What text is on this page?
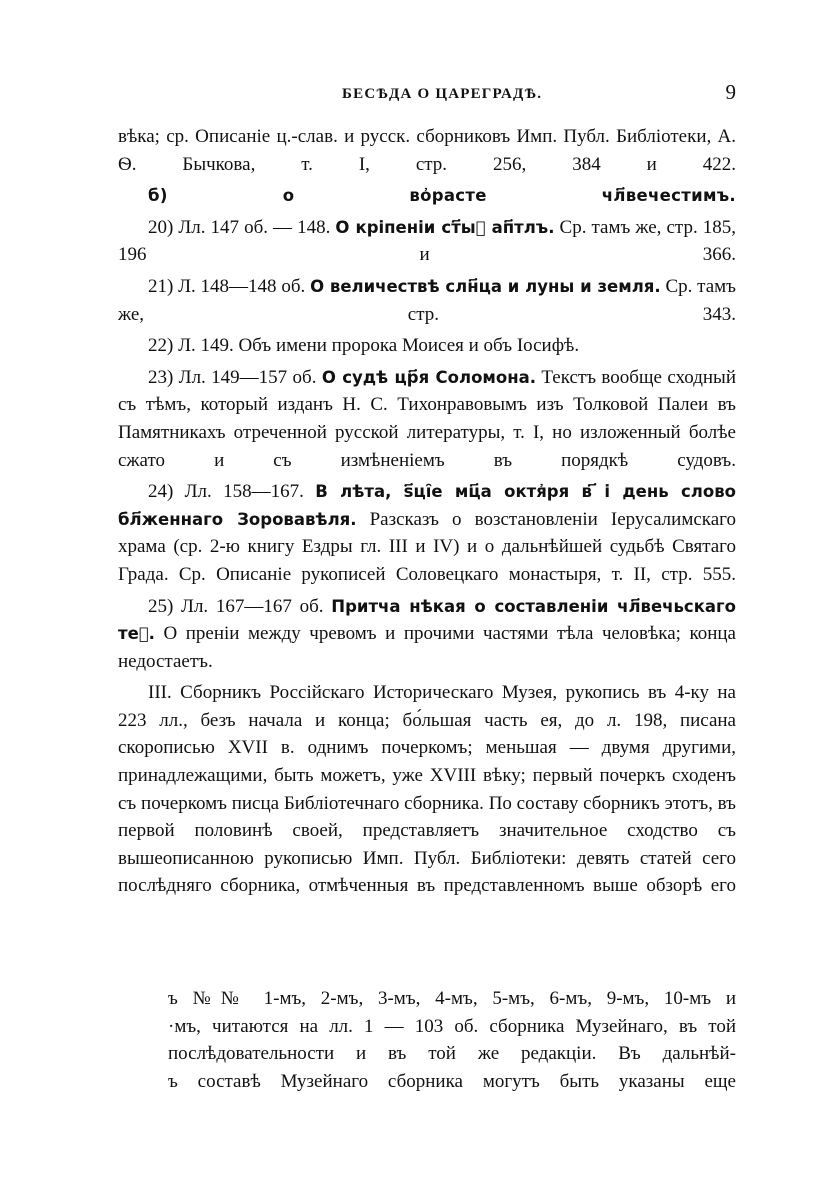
БЕСѢДА О ЦАРЕГРАДѢ.	9

вѣка; ср. Описаніе ц.-слав. и русск. сборниковъ Имп. Публ. Библіотеки, А. Ѳ. Бычкова, т. I, стр. 256, 384 и 422.

б) о во҆расте чл҃вечестимъ.

20) Лл. 147 об. — 148. О кріпеніи ст҃ыⷯ ап҃тлъ. Ср. тамъ же, стр. 185, 196 и 366.

21) Л. 148—148 об. О величествѣ слн҃ца и луны и земля. Ср. тамъ же, стр. 343.

22) Л. 149. Объ имени пророка Моисея и объ Іосифѣ.

23) Лл. 149—157 об. О судѣ цр҃я Соломона. Текстъ вообще сходный съ тѣмъ, который изданъ Н. С. Тихонравовымъ изъ Толковой Палеи въ Памятникахъ отреченной русской литературы, т. I, но изложенный болѣе сжато и съ измѣненіемъ въ порядкѣ судовъ.

24) Лл. 158—167. В лѣта, ѕ҃ці̑е мц҃а октя҆ря в ҃і день слово бл҃женнаго Зоровавѣля. Разсказъ о возстановленіи Іерусалимскаго храма (ср. 2-ю книгу Ездры гл. III и IV) и о дальнѣйшей судьбѣ Святаго Града. Ср. Описаніе рукописей Соловецкаго монастыря, т. II, стр. 555.

25) Лл. 167—167 об. Притча нѣкая о составленіи чл҃вечьскаго теⷯ. О преніи между чревомъ и прочими частями тѣла человѣка; конца недостаетъ.

III. Сборникъ Россійскаго Историческаго Музея, рукопись въ 4-ку на 223 лл., безъ начала и конца; бо́льшая часть ея, до л. 198, писана скорописью XVII в. однимъ почеркомъ; меньшая — двумя другими, принадлежащими, быть можетъ, уже XVIII вѣку; первый почеркъ сходенъ съ почеркомъ писца Библіотечнаго сборника. По составу сборникъ этотъ, въ первой половинѣ своей, представляетъ значительное сходство съ вышеописанною рукописью Имп. Публ. Библіотеки: девять статей сего послѣдняго сборника, отмѣченныя въ представленномъ выше обзорѣ его

ъ №№ 1-мъ, 2-мъ, 3-мъ, 4-мъ, 5-мъ, 6-мъ, 9-мъ, 10-мъ и

·мъ, читаются на лл. 1 — 103 об. сборника Музейнаго, въ той

послѣдовательности и въ той же редакціи. Въ дальнѣй-

ъ составѣ Музейнаго сборника могутъ быть указаны еще
